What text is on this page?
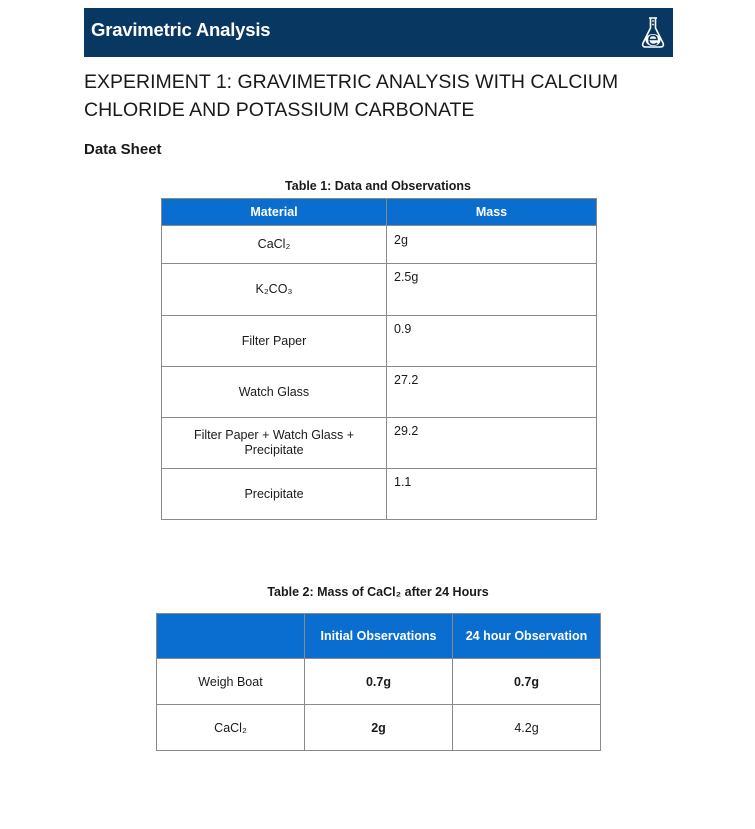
Gravimetric Analysis
EXPERIMENT 1: GRAVIMETRIC ANALYSIS WITH CALCIUM CHLORIDE AND POTASSIUM CARBONATE
Data Sheet
Table 1: Data and Observations
Material	Mass
CaCl₂	2g
K₂CO₃	2.5g
Filter Paper	0.9
Watch Glass	27.2
Filter Paper + Watch Glass + Precipitate	29.2
Precipitate	1.1
Table 2: Mass of CaCl₂ after 24 Hours
	Initial Observations	24 hour Observation
Weigh Boat	0.7g	0.7g
CaCl₂	2g	4.2g
